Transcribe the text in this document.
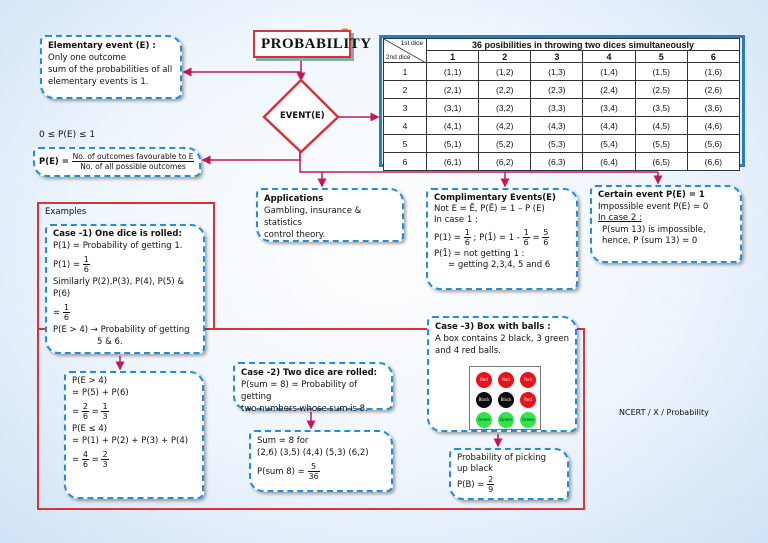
PROBABILITY
EVENT(E)
Elementary event (E) :
Only one outcome
sum of the probabilities of all
elementary events is 1.
0 ≤ P(E) ≤ 1
$P(E) = \frac{\text{No. of outcomes favourable to E}}{\text{No. of all possible outcomes}}$
1st dice
2nd dice	36 posibilities in throwing two dices simultaneously					
	1	2	3	4	5	6
1	(1,1)	(1,2)	(1,3)	(1,4)	(1,5)	(1,6)
2	(2,1)	(2,2)	(2,3)	(2,4)	(2,5)	(2,6)
3	(3,1)	(3,2)	(3,3)	(3,4)	(3,5)	(3,6)
4	(4,1)	(4,2)	(4,3)	(4,4)	(4,5)	(4,6)
5	(5,1)	(5,2)	(5,3)	(5,4)	(5,5)	(5,6)
6	(6,1)	(6,2)	(6,3)	(6,4)	(6,5)	(6,6)
Examples
Applications
Gambling, insurance & statistics
control theory.
Complimentary Events(E)
Not E = Ē, P(Ē) = 1 – P (E)
In case 1 :
$P(1) = \frac{1}{6}$ ; P(1̄) = $1 - \frac{1}{6} = \frac{5}{6}$
P(1̄) = not getting 1 :
= getting 2,3,4, 5 and 6
Certain event P(E) = 1
Impossible event P(E) = 0
In case 2 :
P(sum 13) is impossible,
hence, P (sum 13) = 0
Case -1) One dice is rolled:
P(1) = Probability of getting 1.
$P(1) = \frac{1}{6}$
Similarly P(2),P(3), P(4), P(5) & P(6)
= $\frac{1}{6}$
P(E > 4) → Probability of getting
5 & 6.
P(E > 4)
= P(5) + P(6)
= $\frac{2}{6} = \frac{1}{3}$
P(E ≤ 4)
= P(1) + P(2) + P(3) + P(4)
= $\frac{4}{6} = \frac{2}{3}$
Case -2) Two dice are rolled:
P(sum = 8) = Probability of getting
two numbers whose sum is 8.
Sum = 8 for
(2,6) (3,5) (4,4) (5,3) (6,2)
P(sum $8) = \frac{5}{36}$
Case -3) Box with balls :
A box contains 2 black, 3 green
and 4 red balls.
Red	Red	Red
Black	Black	Red
Green	Green	Green
Probability of picking
up black
$P(B) = \frac{2}{9}$
NCERT / X / Probability
